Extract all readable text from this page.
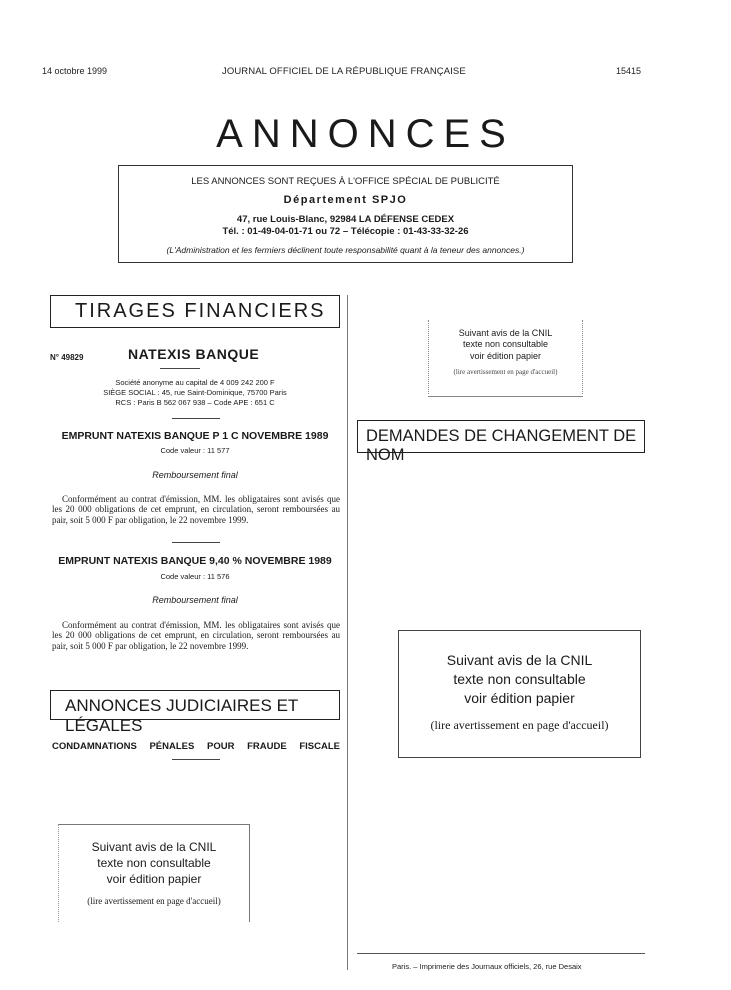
14 octobre 1999	JOURNAL OFFICIEL DE LA RÉPUBLIQUE FRANÇAISE	15415
ANNONCES
LES ANNONCES SONT REÇUES À L'OFFICE SPÉCIAL DE PUBLICITÉ
Département SPJO
47, rue Louis-Blanc, 92984 LA DÉFENSE CEDEX
Tél. : 01-49-04-01-71 ou 72 – Télécopie : 01-43-33-32-26
(L'Administration et les fermiers déclinent toute responsabilité quant à la teneur des annonces.)
TIRAGES FINANCIERS
N° 49829	NATEXIS BANQUE
Société anonyme au capital de 4 009 242 200 F
SIÈGE SOCIAL : 45, rue Saint-Dominique, 75700 Paris
RCS : Paris B 562 067 938 – Code APE : 651 C
EMPRUNT NATEXIS BANQUE P 1 C NOVEMBRE 1989
Code valeur : 11 577
Remboursement final
Conformément au contrat d'émission, MM. les obligataires sont avisés que les 20 000 obligations de cet emprunt, en circulation, seront remboursées au pair, soit 5 000 F par obligation, le 22 novembre 1999.
EMPRUNT NATEXIS BANQUE 9,40 % NOVEMBRE 1989
Code valeur : 11 576
Remboursement final
Conformément au contrat d'émission, MM. les obligataires sont avisés que les 20 000 obligations de cet emprunt, en circulation, seront remboursées au pair, soit 5 000 F par obligation, le 22 novembre 1999.
ANNONCES JUDICIAIRES ET LÉGALES
CONDAMNATIONS PÉNALES POUR FRAUDE FISCALE
Suivant avis de la CNIL
texte non consultable
voir édition papier
(lire avertissement en page d'accueil)
Suivant avis de la CNIL
texte non consultable
voir édition papier
(lire avertissement en page d'accueil)
DEMANDES DE CHANGEMENT DE NOM
Suivant avis de la CNIL
texte non consultable
voir édition papier
(lire avertissement en page d'accueil)
Paris. – Imprimerie des Journaux officiels, 26, rue Desaix
